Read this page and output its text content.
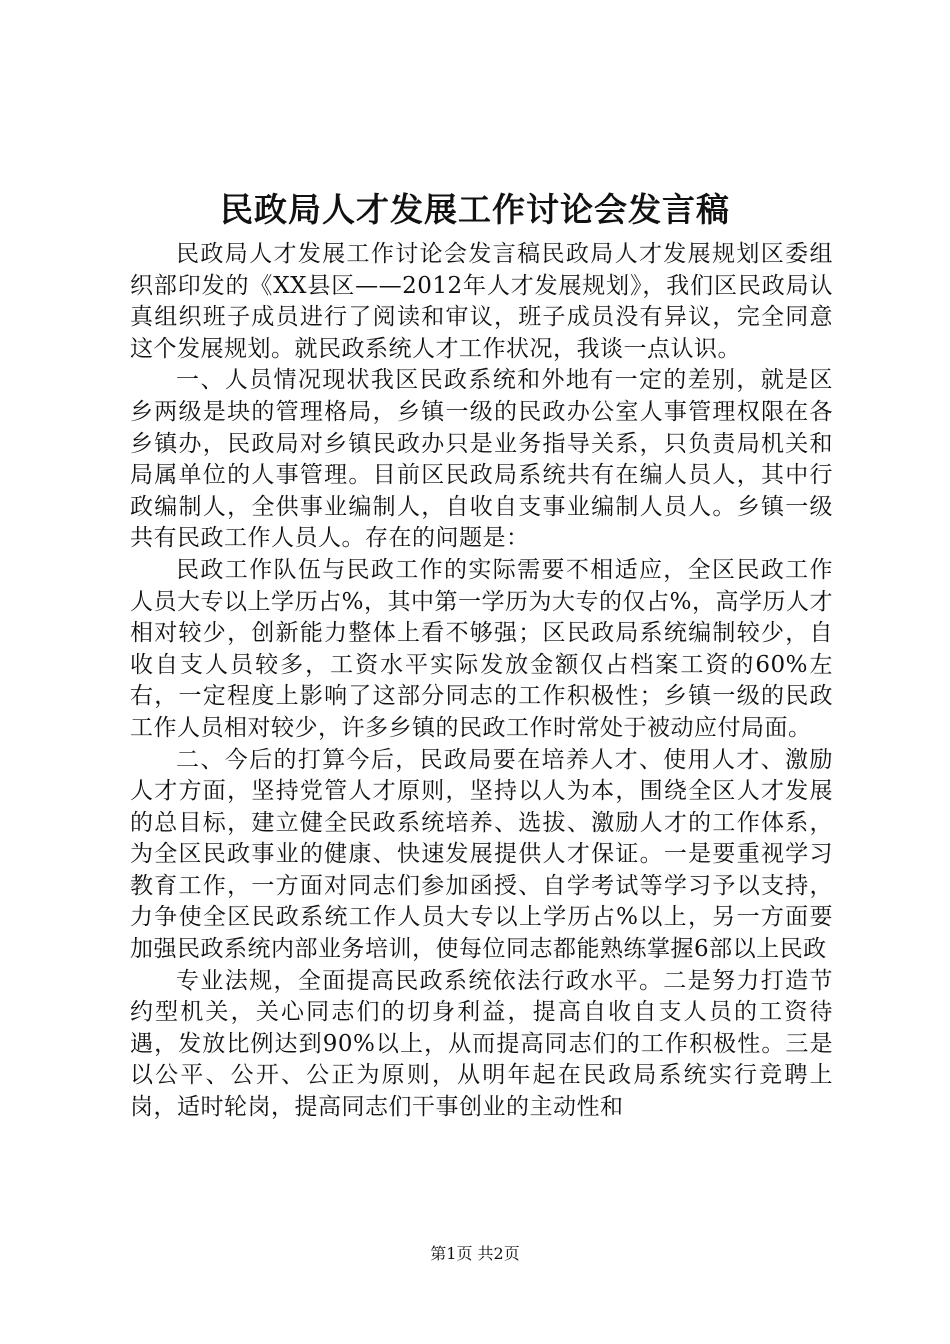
民政局人才发展工作讨论会发言稿

民政局人才发展工作讨论会发言稿民政局人才发展规划区委组织部印发的《XX县区——2012年人才发展规划》，我们区民政局认真组织班子成员进行了阅读和审议，班子成员没有异议，完全同意这个发展规划。就民政系统人才工作状况，我谈一点认识。

一、人员情况现状我区民政系统和外地有一定的差别，就是区乡两级是块的管理格局，乡镇一级的民政办公室人事管理权限在各乡镇办，民政局对乡镇民政办只是业务指导关系，只负责局机关和局属单位的人事管理。目前区民政局系统共有在编人员人，其中行政编制人，全供事业编制人，自收自支事业编制人员人。乡镇一级共有民政工作人员人。存在的问题是：

民政工作队伍与民政工作的实际需要不相适应，全区民政工作人员大专以上学历占%，其中第一学历为大专的仅占%，高学历人才相对较少，创新能力整体上看不够强；区民政局系统编制较少，自收自支人员较多，工资水平实际发放金额仅占档案工资的60%左右，一定程度上影响了这部分同志的工作积极性；乡镇一级的民政工作人员相对较少，许多乡镇的民政工作时常处于被动应付局面。

二、今后的打算今后，民政局要在培养人才、使用人才、激励人才方面，坚持党管人才原则，坚持以人为本，围绕全区人才发展的总目标，建立健全民政系统培养、选拔、激励人才的工作体系，为全区民政事业的健康、快速发展提供人才保证。一是要重视学习教育工作，一方面对同志们参加函授、自学考试等学习予以支持，力争使全区民政系统工作人员大专以上学历占%以上，另一方面要加强民政系统内部业务培训，使每位同志都能熟练掌握6部以上民政

专业法规，全面提高民政系统依法行政水平。二是努力打造节约型机关，关心同志们的切身利益，提高自收自支人员的工资待遇，发放比例达到90%以上，从而提高同志们的工作积极性。三是以公平、公开、公正为原则，从明年起在民政局系统实行竞聘上岗，适时轮岗，提高同志们干事创业的主动性和

第1页 共2页
